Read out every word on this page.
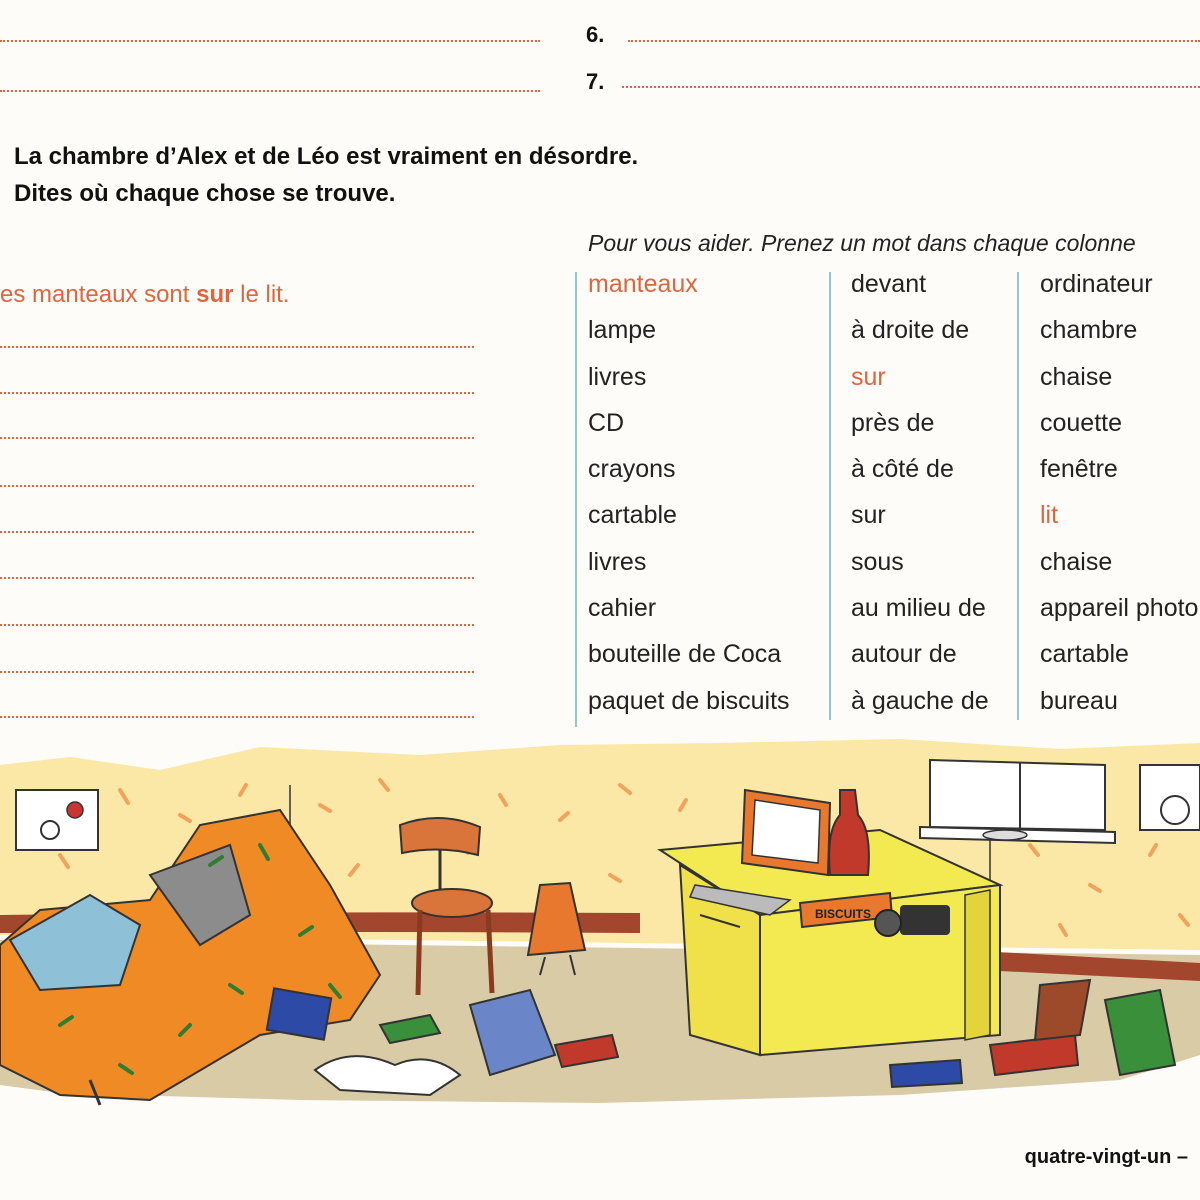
6.
7.
La chambre d’Alex et de Léo est vraiment en désordre.
Dites où chaque chose se trouve.
es manteaux sont sur le lit.
Pour vous aider. Prenez un mot dans chaque colonne
manteaux
lampe
livres
CD
crayons
cartable
livres
cahier
bouteille de Coca
paquet de biscuits
devant
à droite de
sur
près de
à côté de
sur
sous
au milieu de
autour de
à gauche de
ordinateur
chambre
chaise
couette
fenêtre
lit
chaise
appareil photo
cartable
bureau
BISCUITS
quatre-vingt-un –
